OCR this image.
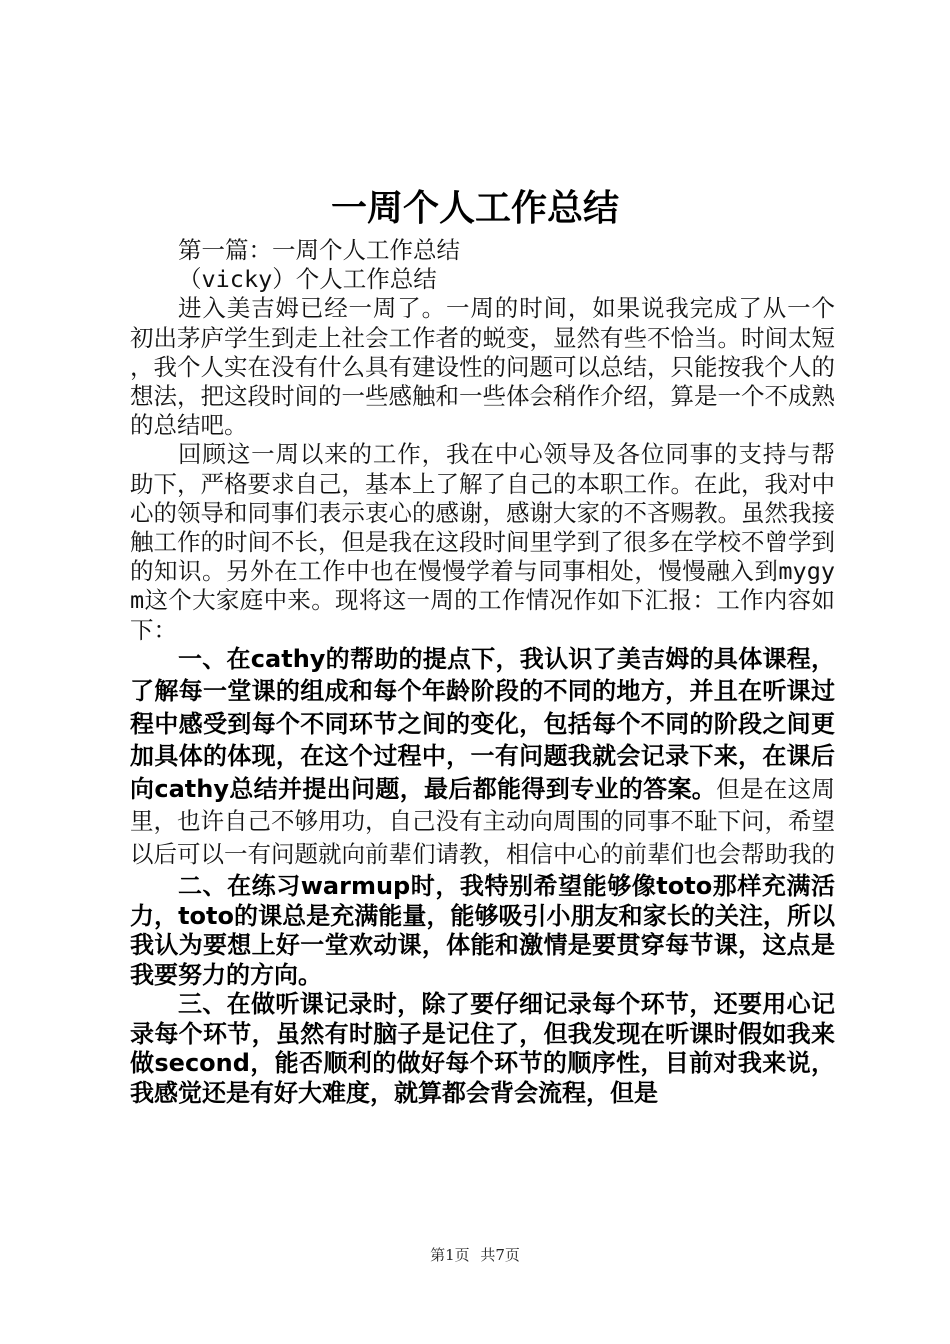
一周个人工作总结

第一篇：一周个人工作总结

（vicky）个人工作总结

进入美吉姆已经一周了。一周的时间，如果说我完成了从一个初出茅庐学生到走上社会工作者的蜕变，显然有些不恰当。时间太短，我个人实在没有什么具有建设性的问题可以总结，只能按我个人的想法，把这段时间的一些感触和一些体会稍作介绍，算是一个不成熟的总结吧。

回顾这一周以来的工作，我在中心领导及各位同事的支持与帮助下，严格要求自己，基本上了解了自己的本职工作。在此，我对中心的领导和同事们表示衷心的感谢，感谢大家的不吝赐教。虽然我接触工作的时间不长，但是我在这段时间里学到了很多在学校不曾学到的知识。另外在工作中也在慢慢学着与同事相处，慢慢融入到mygym这个大家庭中来。现将这一周的工作情况作如下汇报：工作内容如下：

一、在cathy的帮助的提点下，我认识了美吉姆的具体课程，了解每一堂课的组成和每个年龄阶段的不同的地方，并且在听课过程中感受到每个不同环节之间的变化，包括每个不同的阶段之间更加具体的体现，在这个过程中，一有问题我就会记录下来，在课后向cathy总结并提出问题，最后都能得到专业的答案。

但是在这周里，也许自己不够用功，自己没有主动向周围的同事不耻下问，希望以后可以一有问题就向前辈们请教，相信中心的前辈们也会帮助我的

二、在练习warmup时，我特别希望能够像toto那样充满活力，toto的课总是充满能量，能够吸引小朋友和家长的关注，所以我认为要想上好一堂欢动课，体能和激情是要贯穿每节课，这点是我要努力的方向。

三、在做听课记录时，除了要仔细记录每个环节，还要用心记录每个环节，虽然有时脑子是记住了，但我发现在听课时假如我来做second，能否顺利的做好每个环节的顺序性，目前对我来说，我感觉还是有好大难度，就算都会背会流程，但是

第1页 共7页
